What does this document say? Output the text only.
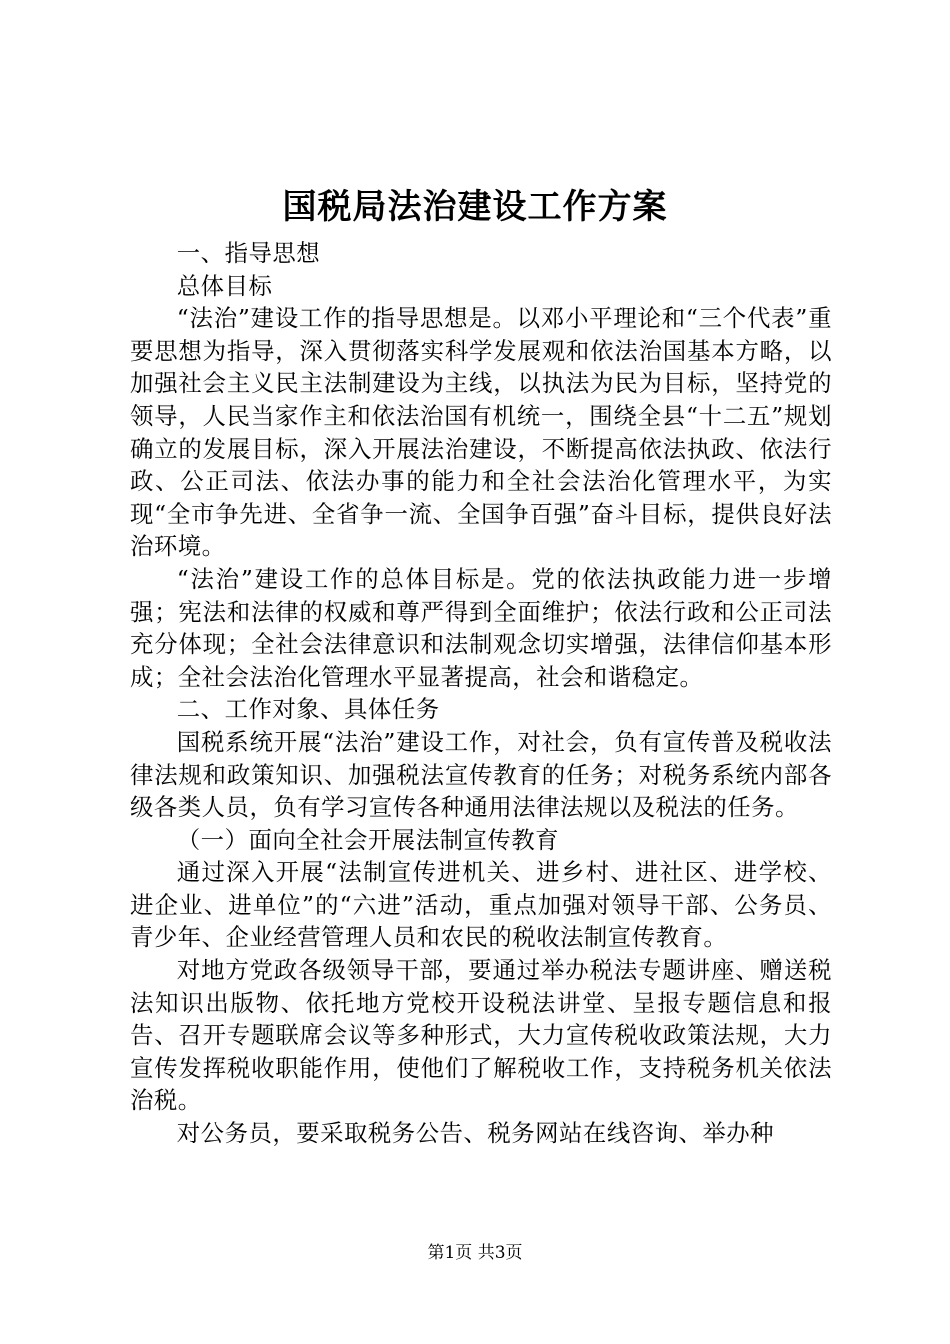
国税局法治建设工作方案

一、指导思想

总体目标

“法治”建设工作的指导思想是。以邓小平理论和“三个代表”重要思想为指导，深入贯彻落实科学发展观和依法治国基本方略，以加强社会主义民主法制建设为主线，以执法为民为目标，坚持党的领导，人民当家作主和依法治国有机统一，围绕全县“十二五”规划确立的发展目标，深入开展法治建设，不断提高依法执政、依法行政、公正司法、依法办事的能力和全社会法治化管理水平，为实现“全市争先进、全省争一流、全国争百强”奋斗目标，提供良好法治环境。

“法治”建设工作的总体目标是。党的依法执政能力进一步增强；宪法和法律的权威和尊严得到全面维护；依法行政和公正司法充分体现；全社会法律意识和法制观念切实增强，法律信仰基本形成；全社会法治化管理水平显著提高，社会和谐稳定。

二、工作对象、具体任务

国税系统开展“法治”建设工作，对社会，负有宣传普及税收法律法规和政策知识、加强税法宣传教育的任务；对税务系统内部各级各类人员，负有学习宣传各种通用法律法规以及税法的任务。

（一）面向全社会开展法制宣传教育

通过深入开展“法制宣传进机关、进乡村、进社区、进学校、进企业、进单位”的“六进”活动，重点加强对领导干部、公务员、青少年、企业经营管理人员和农民的税收法制宣传教育。

对地方党政各级领导干部，要通过举办税法专题讲座、赠送税法知识出版物、依托地方党校开设税法讲堂、呈报专题信息和报告、召开专题联席会议等多种形式，大力宣传税收政策法规，大力宣传发挥税收职能作用，使他们了解税收工作，支持税务机关依法治税。

对公务员，要采取税务公告、税务网站在线咨询、举办种

第1页 共3页
